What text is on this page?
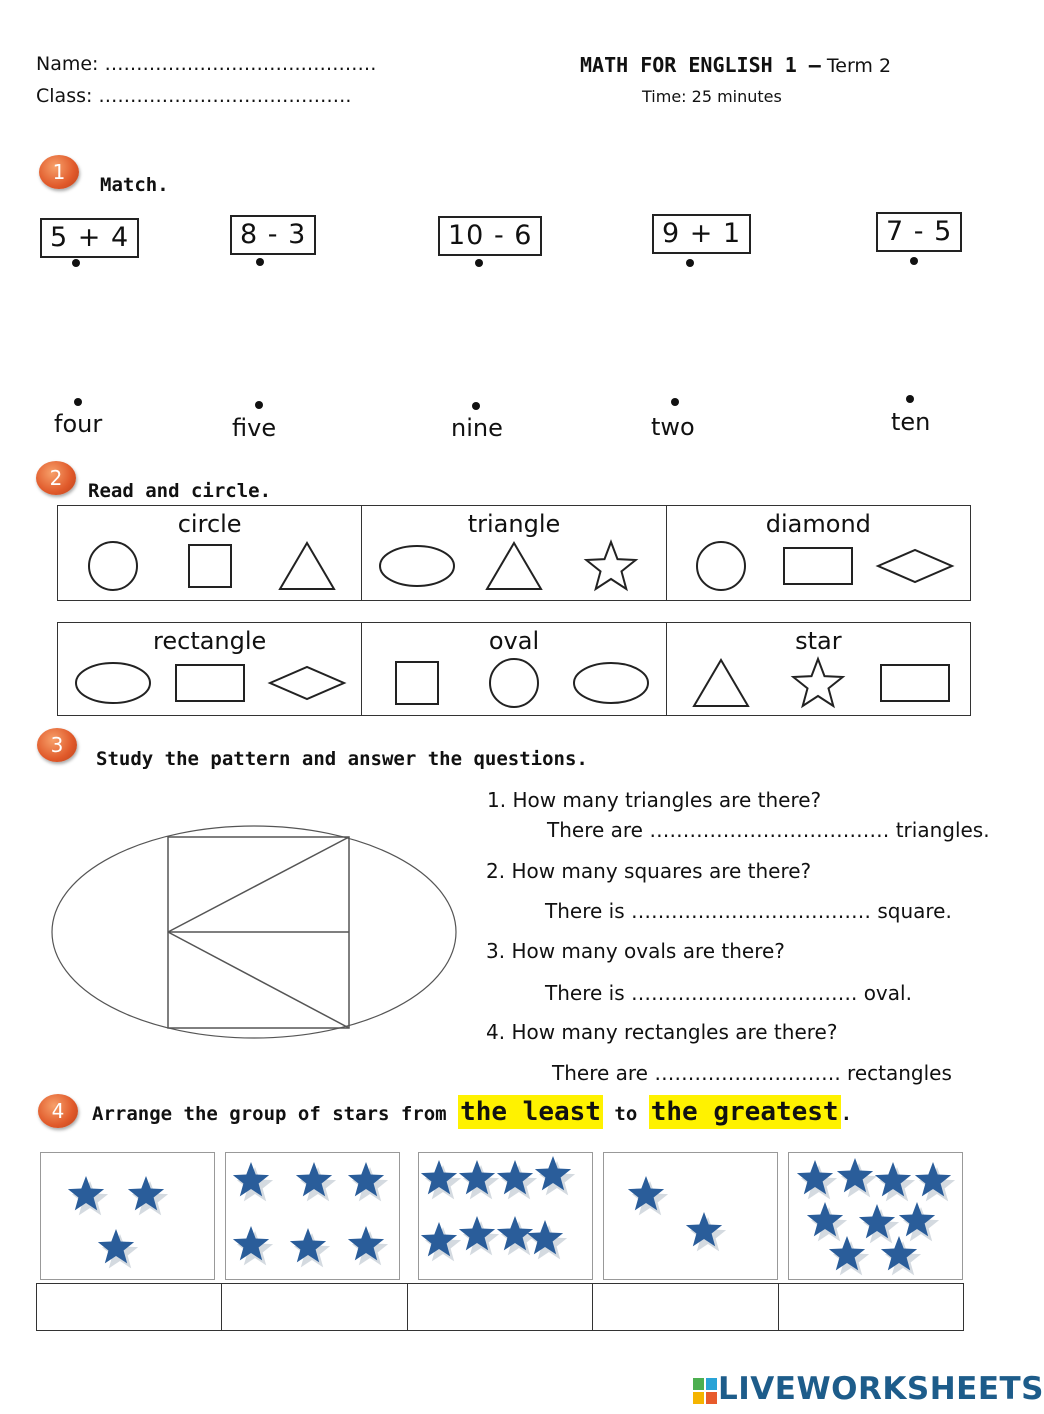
Name: ………………………….…………
Class: ………………………………….
MATH FOR ENGLISH 1 – Term 2
Time: 25 minutes
1
Match.
5 + 4	8 - 3	10 - 6	9 + 1	7 - 5
four	five	nine	two	ten
2
Read and circle.
circle	triangle	diamond
rectangle	oval	star
3
Study the pattern and answer the questions.
1. How many triangles are there?
There are ……………………………… triangles.
2. How many squares are there?
There is ……………………………… square.
3. How many ovals are there?
There is ……………………………. oval.
4. How many rectangles are there?
There are ………………………. rectangles
4	Arrange the group of stars from the least to the greatest .

LIVEWORKSHEETS
